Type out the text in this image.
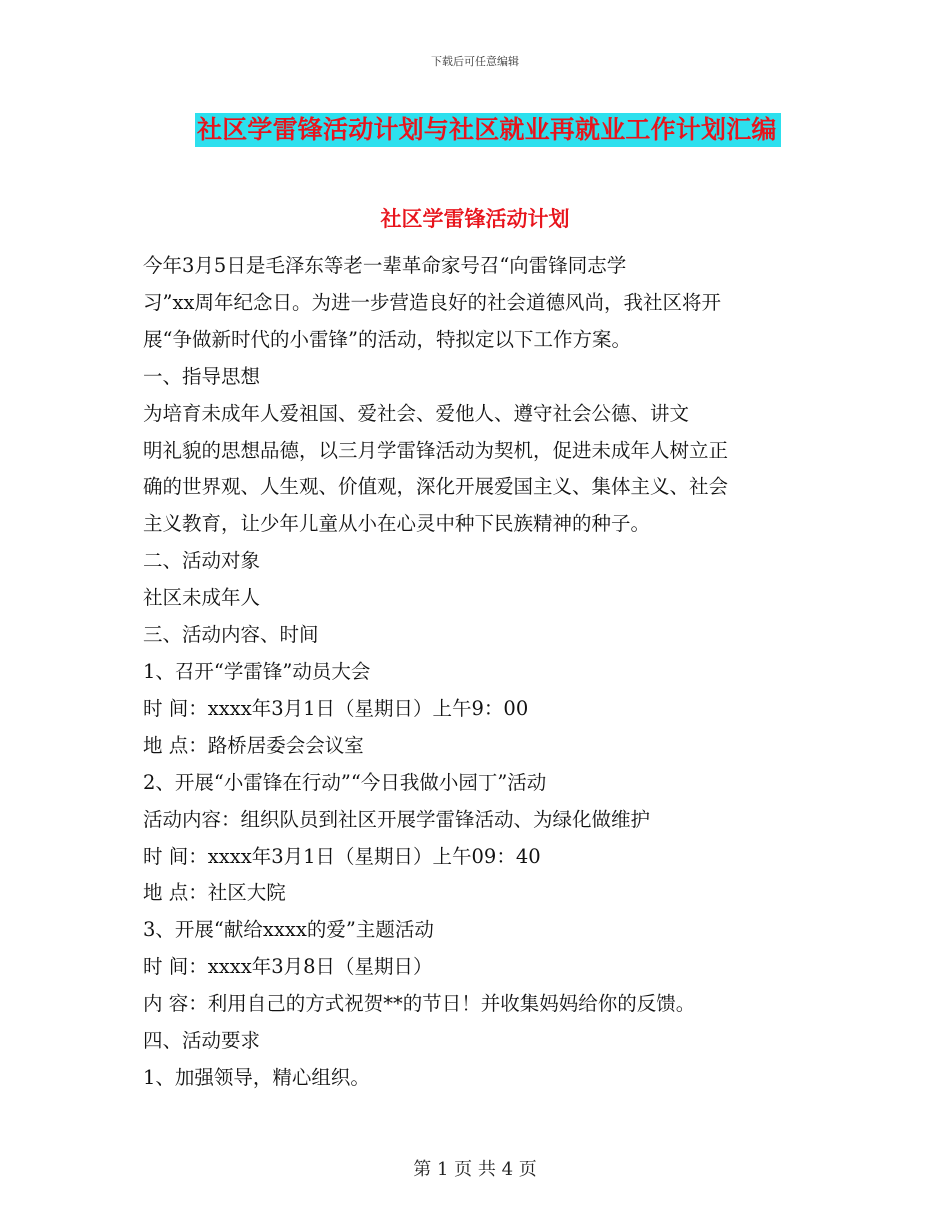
下载后可任意编辑
社区学雷锋活动计划与社区就业再就业工作计划汇编
社区学雷锋活动计划

今年3月5日是毛泽东等老一辈革命家号召“向雷锋同志学

习”xx周年纪念日。为进一步营造良好的社会道德风尚，我社区将开

展“争做新时代的小雷锋”的活动，特拟定以下工作方案。

一、指导思想

为培育未成年人爱祖国、爱社会、爱他人、遵守社会公德、讲文

明礼貌的思想品德，以三月学雷锋活动为契机，促进未成年人树立正

确的世界观、人生观、价值观，深化开展爱国主义、集体主义、社会

主义教育，让少年儿童从小在心灵中种下民族精神的种子。

二、活动对象

社区未成年人

三、活动内容、时间

1、召开“学雷锋”动员大会

时 间：xxxx年3月1日（星期日）上午9：00

地 点：路桥居委会会议室

2、开展“小雷锋在行动”“今日我做小园丁”活动

活动内容：组织队员到社区开展学雷锋活动、为绿化做维护

时 间：xxxx年3月1日（星期日）上午09：40

地 点：社区大院

3、开展“献给xxxx的爱”主题活动

时 间：xxxx年3月8日（星期日）

内 容：利用自己的方式祝贺**的节日！并收集妈妈给你的反馈。

四、活动要求

1、加强领导，精心组织。

第 1 页 共 4 页
